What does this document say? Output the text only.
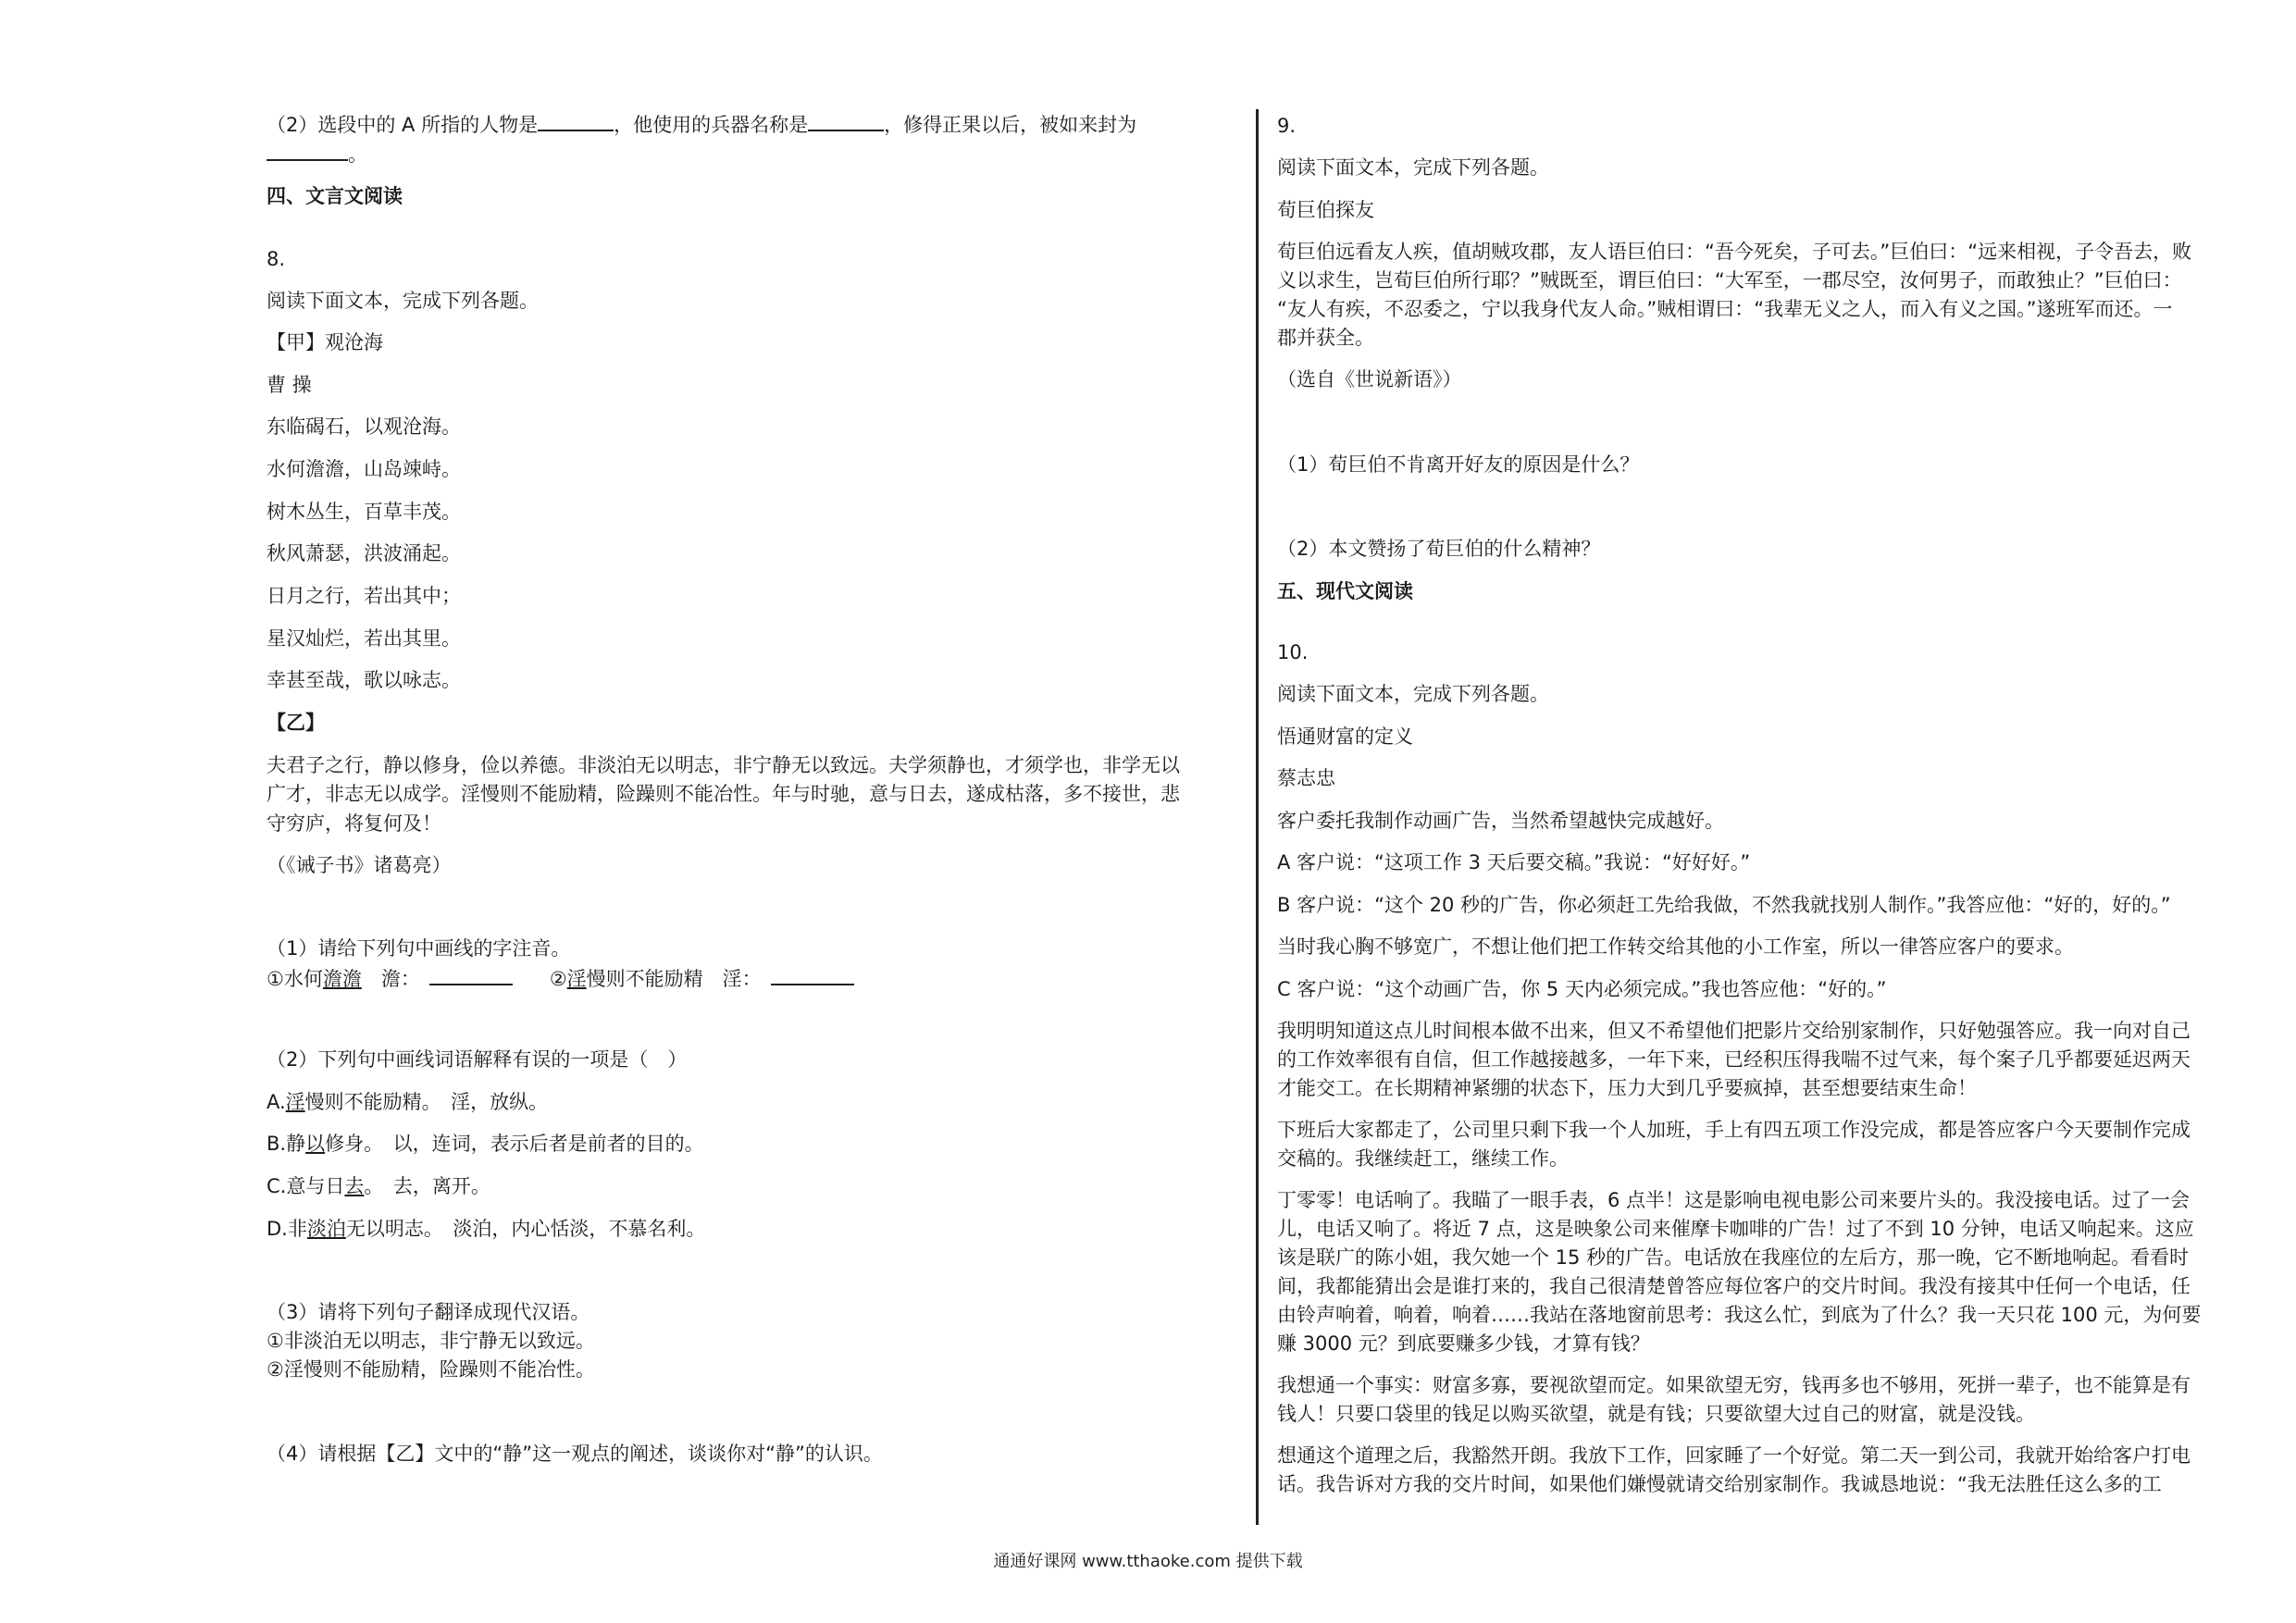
（2）选段中的 A 所指的人物是	，他使用的兵器名称是	，修得正果以后，被如来封为
。
四、文言文阅读
8.
阅读下面文本，完成下列各题。
【甲】观沧海
曹 操
东临碣石，以观沧海。
水何澹澹，山岛竦峙。
树木丛生，百草丰茂。
秋风萧瑟，洪波涌起。
日月之行，若出其中；
星汉灿烂，若出其里。
幸甚至哉，歌以咏志。
【乙】
夫君子之行，静以修身，俭以养德。非淡泊无以明志，非宁静无以致远。夫学须静也，才须学也，非学无以
广才，非志无以成学。淫慢则不能励精，险躁则不能冶性。年与时驰，意与日去，遂成枯落，多不接世，悲
守穷庐，将复何及！
（《诫子书》诸葛亮）
（1）请给下列句中画线的字注音。
①水何澹澹　澹：	②淫慢则不能励精　淫：
（2）下列句中画线词语解释有误的一项是（　）
A.淫慢则不能励精。　淫，放纵。
B.静以修身。　以，连词，表示后者是前者的目的。
C.意与日去。　去，离开。
D.非淡泊无以明志。　淡泊，内心恬淡，不慕名利。
（3）请将下列句子翻译成现代汉语。
①非淡泊无以明志，非宁静无以致远。
②淫慢则不能励精，险躁则不能冶性。
（4）请根据【乙】文中的“静”这一观点的阐述，谈谈你对“静”的认识。
9.
阅读下面文本，完成下列各题。
荀巨伯探友
荀巨伯远看友人疾，值胡贼攻郡，友人语巨伯曰：“吾今死矣，子可去。”巨伯曰：“远来相视，子令吾去，败
义以求生，岂荀巨伯所行耶？”贼既至，谓巨伯曰：“大军至，一郡尽空，汝何男子，而敢独止？”巨伯曰：
“友人有疾，不忍委之，宁以我身代友人命。”贼相谓曰：“我辈无义之人，而入有义之国。”遂班军而还。一
郡并获全。
（选自《世说新语》）
（1）荀巨伯不肯离开好友的原因是什么？
（2）本文赞扬了荀巨伯的什么精神？
五、现代文阅读
10.
阅读下面文本，完成下列各题。
悟通财富的定义
蔡志忠
客户委托我制作动画广告，当然希望越快完成越好。
A 客户说：“这项工作 3 天后要交稿。”我说：“好好好。”
B 客户说：“这个 20 秒的广告，你必须赶工先给我做，不然我就找别人制作。”我答应他：“好的，好的。”
当时我心胸不够宽广，不想让他们把工作转交给其他的小工作室，所以一律答应客户的要求。
C 客户说：“这个动画广告，你 5 天内必须完成。”我也答应他：“好的。”
我明明知道这点儿时间根本做不出来，但又不希望他们把影片交给别家制作，只好勉强答应。我一向对自己
的工作效率很有自信，但工作越接越多，一年下来，已经积压得我喘不过气来，每个案子几乎都要延迟两天
才能交工。在长期精神紧绷的状态下，压力大到几乎要疯掉，甚至想要结束生命！
下班后大家都走了，公司里只剩下我一个人加班，手上有四五项工作没完成，都是答应客户今天要制作完成
交稿的。我继续赶工，继续工作。
丁零零！电话响了。我瞄了一眼手表，6 点半！这是影响电视电影公司来要片头的。我没接电话。过了一会
儿，电话又响了。将近 7 点，这是映象公司来催摩卡咖啡的广告！过了不到 10 分钟，电话又响起来。这应
该是联广的陈小姐，我欠她一个 15 秒的广告。电话放在我座位的左后方，那一晚，它不断地响起。看看时
间，我都能猜出会是谁打来的，我自己很清楚曾答应每位客户的交片时间。我没有接其中任何一个电话，任
由铃声响着，响着，响着……我站在落地窗前思考：我这么忙，到底为了什么？我一天只花 100 元，为何要
赚 3000 元？到底要赚多少钱，才算有钱？
我想通一个事实：财富多寡，要视欲望而定。如果欲望无穷，钱再多也不够用，死拼一辈子，也不能算是有
钱人！只要口袋里的钱足以购买欲望，就是有钱；只要欲望大过自己的财富，就是没钱。
想通这个道理之后，我豁然开朗。我放下工作，回家睡了一个好觉。第二天一到公司，我就开始给客户打电
话。我告诉对方我的交片时间，如果他们嫌慢就请交给别家制作。我诚恳地说：“我无法胜任这么多的工
通通好课网 www.tthaoke.com 提供下载
